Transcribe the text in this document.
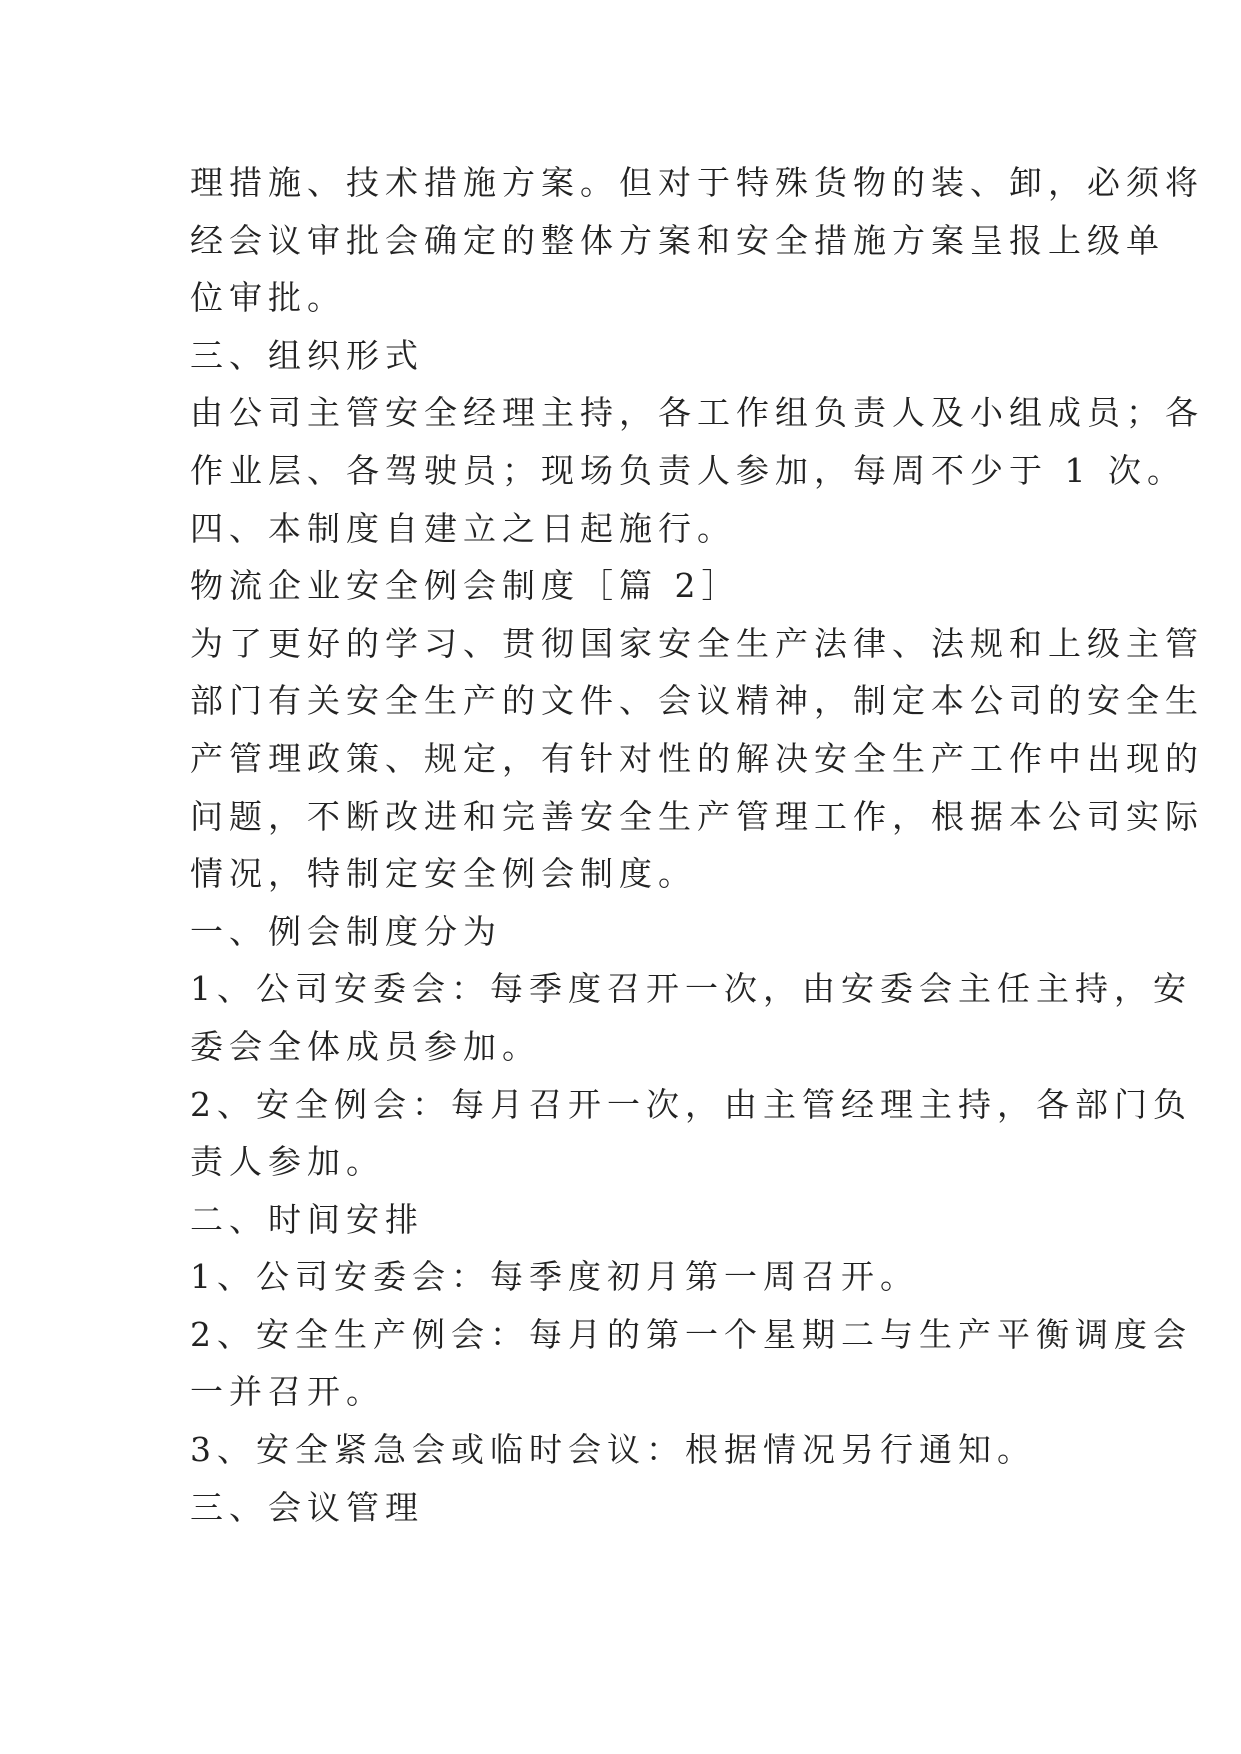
理措施、技术措施方案。但对于特殊货物的装、卸，必须将
经会议审批会确定的整体方案和安全措施方案呈报上级单
位审批。
三、组织形式
由公司主管安全经理主持，各工作组负责人及小组成员；各
作业层、各驾驶员；现场负责人参加，每周不少于 1 次。
四、本制度自建立之日起施行。
物流企业安全例会制度［篇 2］
为了更好的学习、贯彻国家安全生产法律、法规和上级主管
部门有关安全生产的文件、会议精神，制定本公司的安全生
产管理政策、规定，有针对性的解决安全生产工作中出现的
问题，不断改进和完善安全生产管理工作，根据本公司实际
情况，特制定安全例会制度。
一、例会制度分为
1、公司安委会：每季度召开一次，由安委会主任主持，安
委会全体成员参加。
2、安全例会：每月召开一次，由主管经理主持，各部门负
责人参加。
二、时间安排
1、公司安委会：每季度初月第一周召开。
2、安全生产例会：每月的第一个星期二与生产平衡调度会
一并召开。
3、安全紧急会或临时会议：根据情况另行通知。
三、会议管理
